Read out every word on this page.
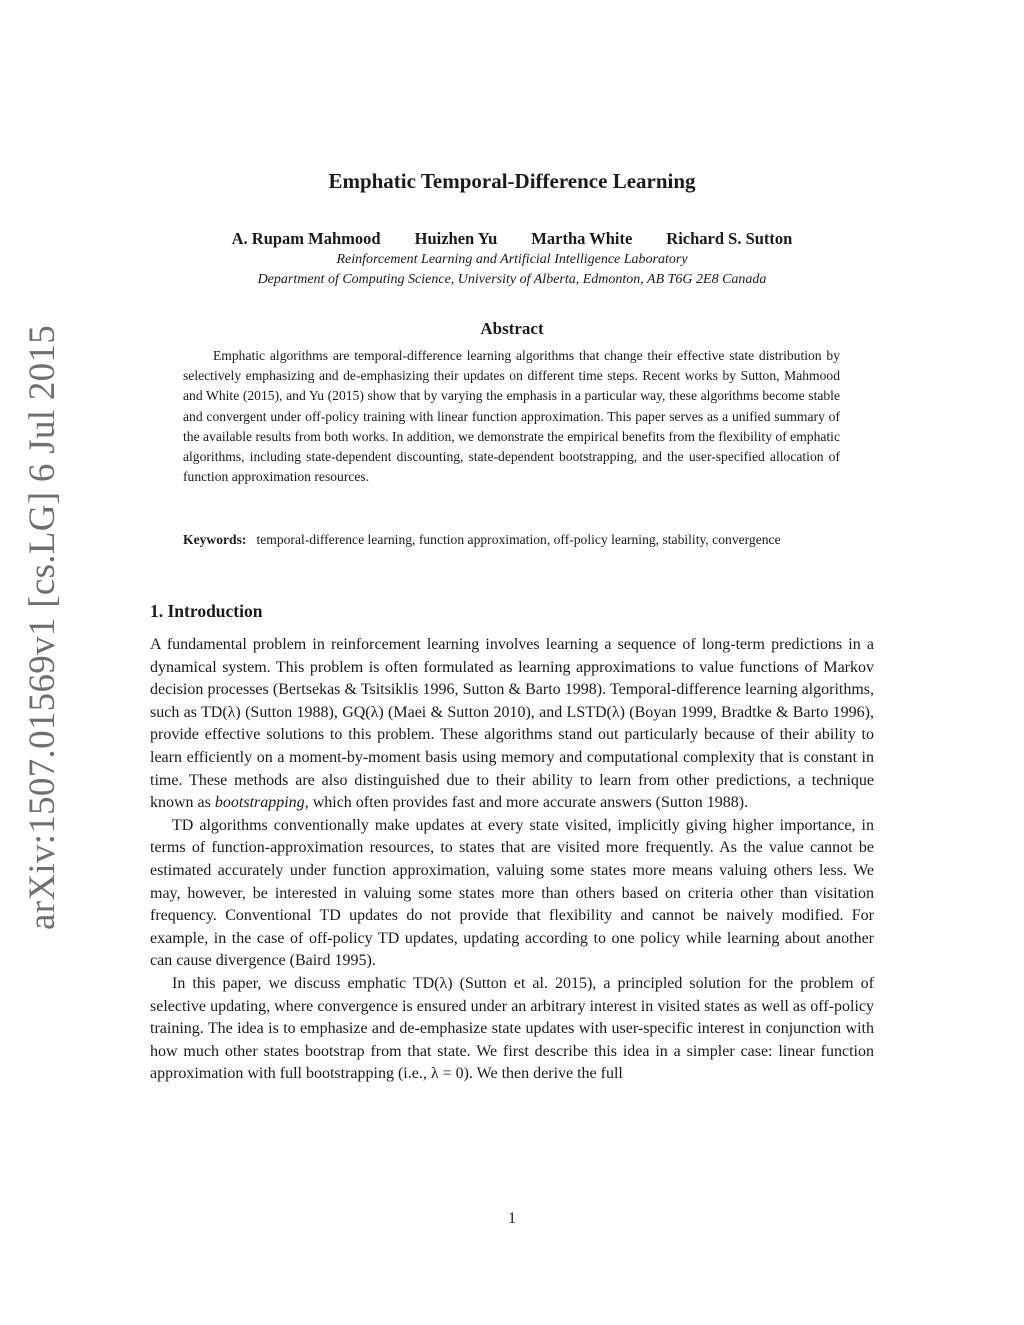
arXiv:1507.01569v1 [cs.LG] 6 Jul 2015
Emphatic Temporal-Difference Learning
A. Rupam Mahmood Huizhen Yu Martha White Richard S. Sutton
Reinforcement Learning and Artificial Intelligence Laboratory
Department of Computing Science, University of Alberta, Edmonton, AB T6G 2E8 Canada
Abstract

Emphatic algorithms are temporal-difference learning algorithms that change their effective state distribution by selectively emphasizing and de-emphasizing their updates on different time steps. Recent works by Sutton, Mahmood and White (2015), and Yu (2015) show that by varying the emphasis in a particular way, these algorithms become stable and convergent under off-policy training with linear function approximation. This paper serves as a unified summary of the available results from both works. In addition, we demonstrate the empirical benefits from the flexibility of emphatic algorithms, including state-dependent discounting, state-dependent bootstrapping, and the user-specified allocation of function approximation resources.

Keywords: temporal-difference learning, function approximation, off-policy learning, stability, convergence

1. Introduction

A fundamental problem in reinforcement learning involves learning a sequence of long-term predictions in a dynamical system. This problem is often formulated as learning approximations to value functions of Markov decision processes (Bertsekas & Tsitsiklis 1996, Sutton & Barto 1998). Temporal-difference learning algorithms, such as TD(λ) (Sutton 1988), GQ(λ) (Maei & Sutton 2010), and LSTD(λ) (Boyan 1999, Bradtke & Barto 1996), provide effective solutions to this problem. These algorithms stand out particularly because of their ability to learn efficiently on a moment-by-moment basis using memory and computational complexity that is constant in time. These methods are also distinguished due to their ability to learn from other predictions, a technique known as bootstrapping, which often provides fast and more accurate answers (Sutton 1988).

TD algorithms conventionally make updates at every state visited, implicitly giving higher importance, in terms of function-approximation resources, to states that are visited more frequently. As the value cannot be estimated accurately under function approximation, valuing some states more means valuing others less. We may, however, be interested in valuing some states more than others based on criteria other than visitation frequency. Conventional TD updates do not provide that flexibility and cannot be naively modified. For example, in the case of off-policy TD updates, updating according to one policy while learning about another can cause divergence (Baird 1995).

In this paper, we discuss emphatic TD(λ) (Sutton et al. 2015), a principled solution for the problem of selective updating, where convergence is ensured under an arbitrary interest in visited states as well as off-policy training. The idea is to emphasize and de-emphasize state updates with user-specific interest in conjunction with how much other states bootstrap from that state. We first describe this idea in a simpler case: linear function approximation with full bootstrapping (i.e., λ = 0). We then derive the full

1
